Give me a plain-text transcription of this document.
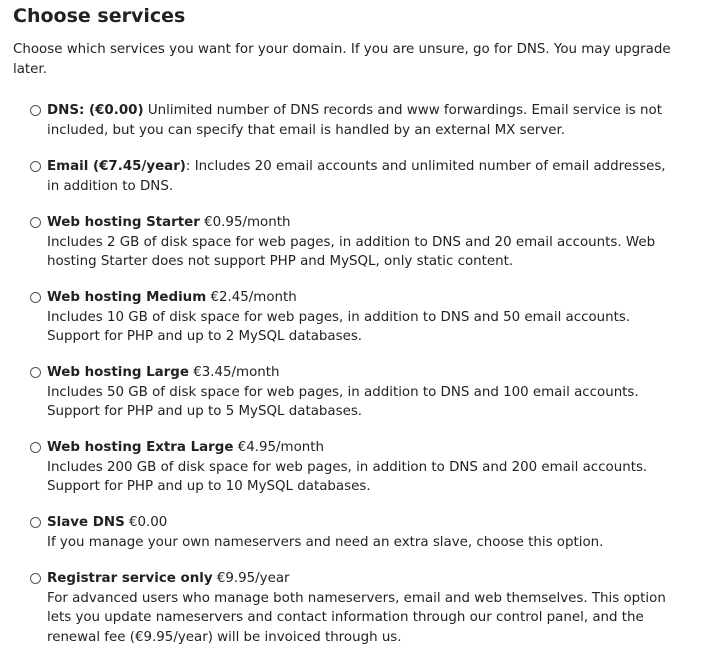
Choose services

Choose which services you want for your domain. If you are unsure, go for DNS. You may upgrade later.

DNS: (€0.00) Unlimited number of DNS records and www forwardings. Email service is not included, but you can specify that email is handled by an external MX server.
Email (€7.45/year): Includes 20 email accounts and unlimited number of email addresses, in addition to DNS.
Web hosting Starter €0.95/month
Includes 2 GB of disk space for web pages, in addition to DNS and 20 email accounts. Web hosting Starter does not support PHP and MySQL, only static content.
Web hosting Medium €2.45/month
Includes 10 GB of disk space for web pages, in addition to DNS and 50 email accounts. Support for PHP and up to 2 MySQL databases.
Web hosting Large €3.45/month
Includes 50 GB of disk space for web pages, in addition to DNS and 100 email accounts. Support for PHP and up to 5 MySQL databases.
Web hosting Extra Large €4.95/month
Includes 200 GB of disk space for web pages, in addition to DNS and 200 email accounts. Support for PHP and up to 10 MySQL databases.
Slave DNS €0.00
If you manage your own nameservers and need an extra slave, choose this option.
Registrar service only €9.95/year
For advanced users who manage both nameservers, email and web themselves. This option lets you update nameservers and contact information through our control panel, and the renewal fee (€9.95/year) will be invoiced through us.
